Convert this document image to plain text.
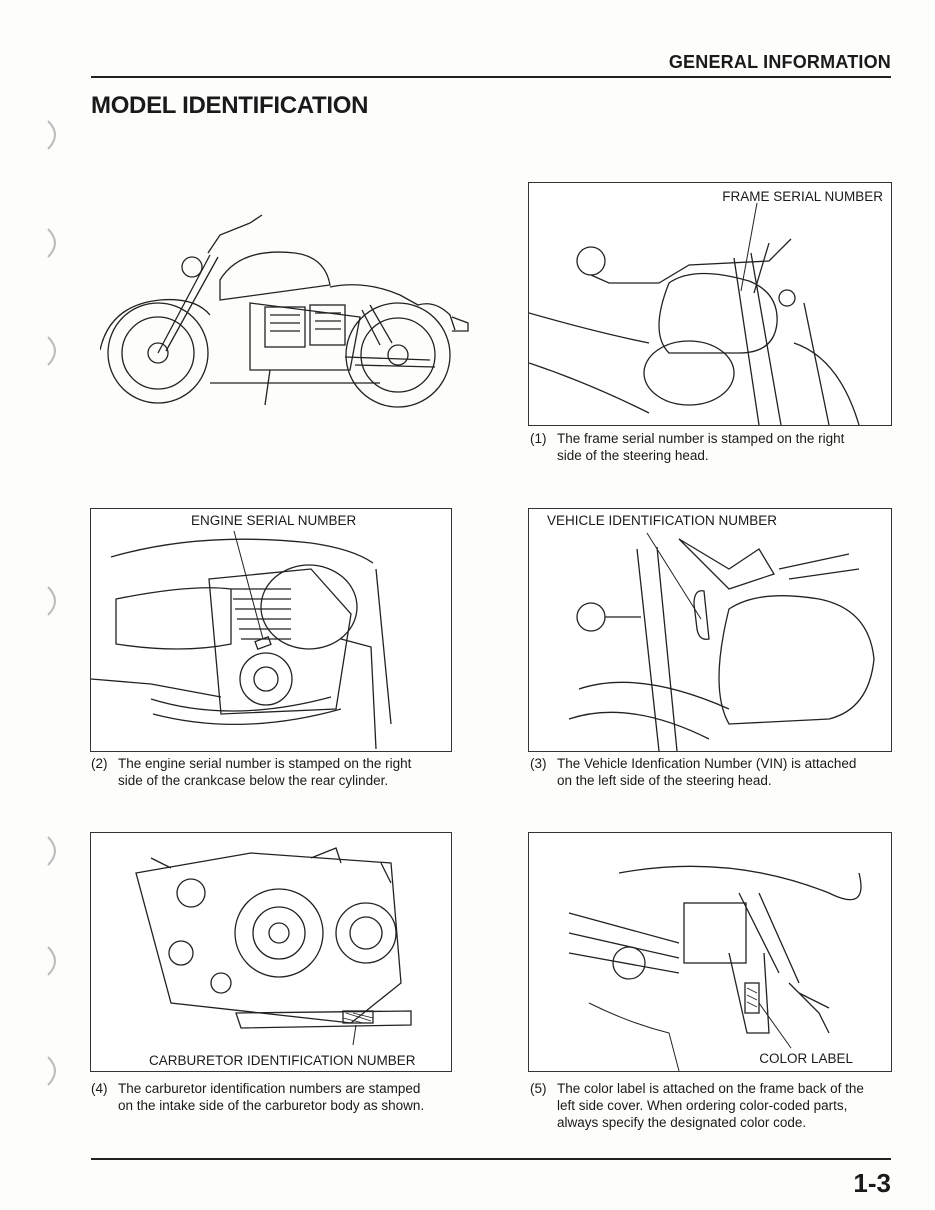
GENERAL INFORMATION
MODEL IDENTIFICATION
FRAME SERIAL NUMBER
(1) The frame serial number is stamped on the right
side of the steering head.
ENGINE SERIAL NUMBER
(2) The engine serial number is stamped on the right
side of the crankcase below the rear cylinder.
VEHICLE IDENTIFICATION NUMBER
(3) The Vehicle Idenfication Number (VIN) is attached
on the left side of the steering head.
CARBURETOR IDENTIFICATION NUMBER
(4) The carburetor identification numbers are stamped
on the intake side of the carburetor body as shown.
COLOR LABEL
(5) The color label is attached on the frame back of the
left side cover. When ordering color-coded parts,
always specify the designated color code.
1-3
